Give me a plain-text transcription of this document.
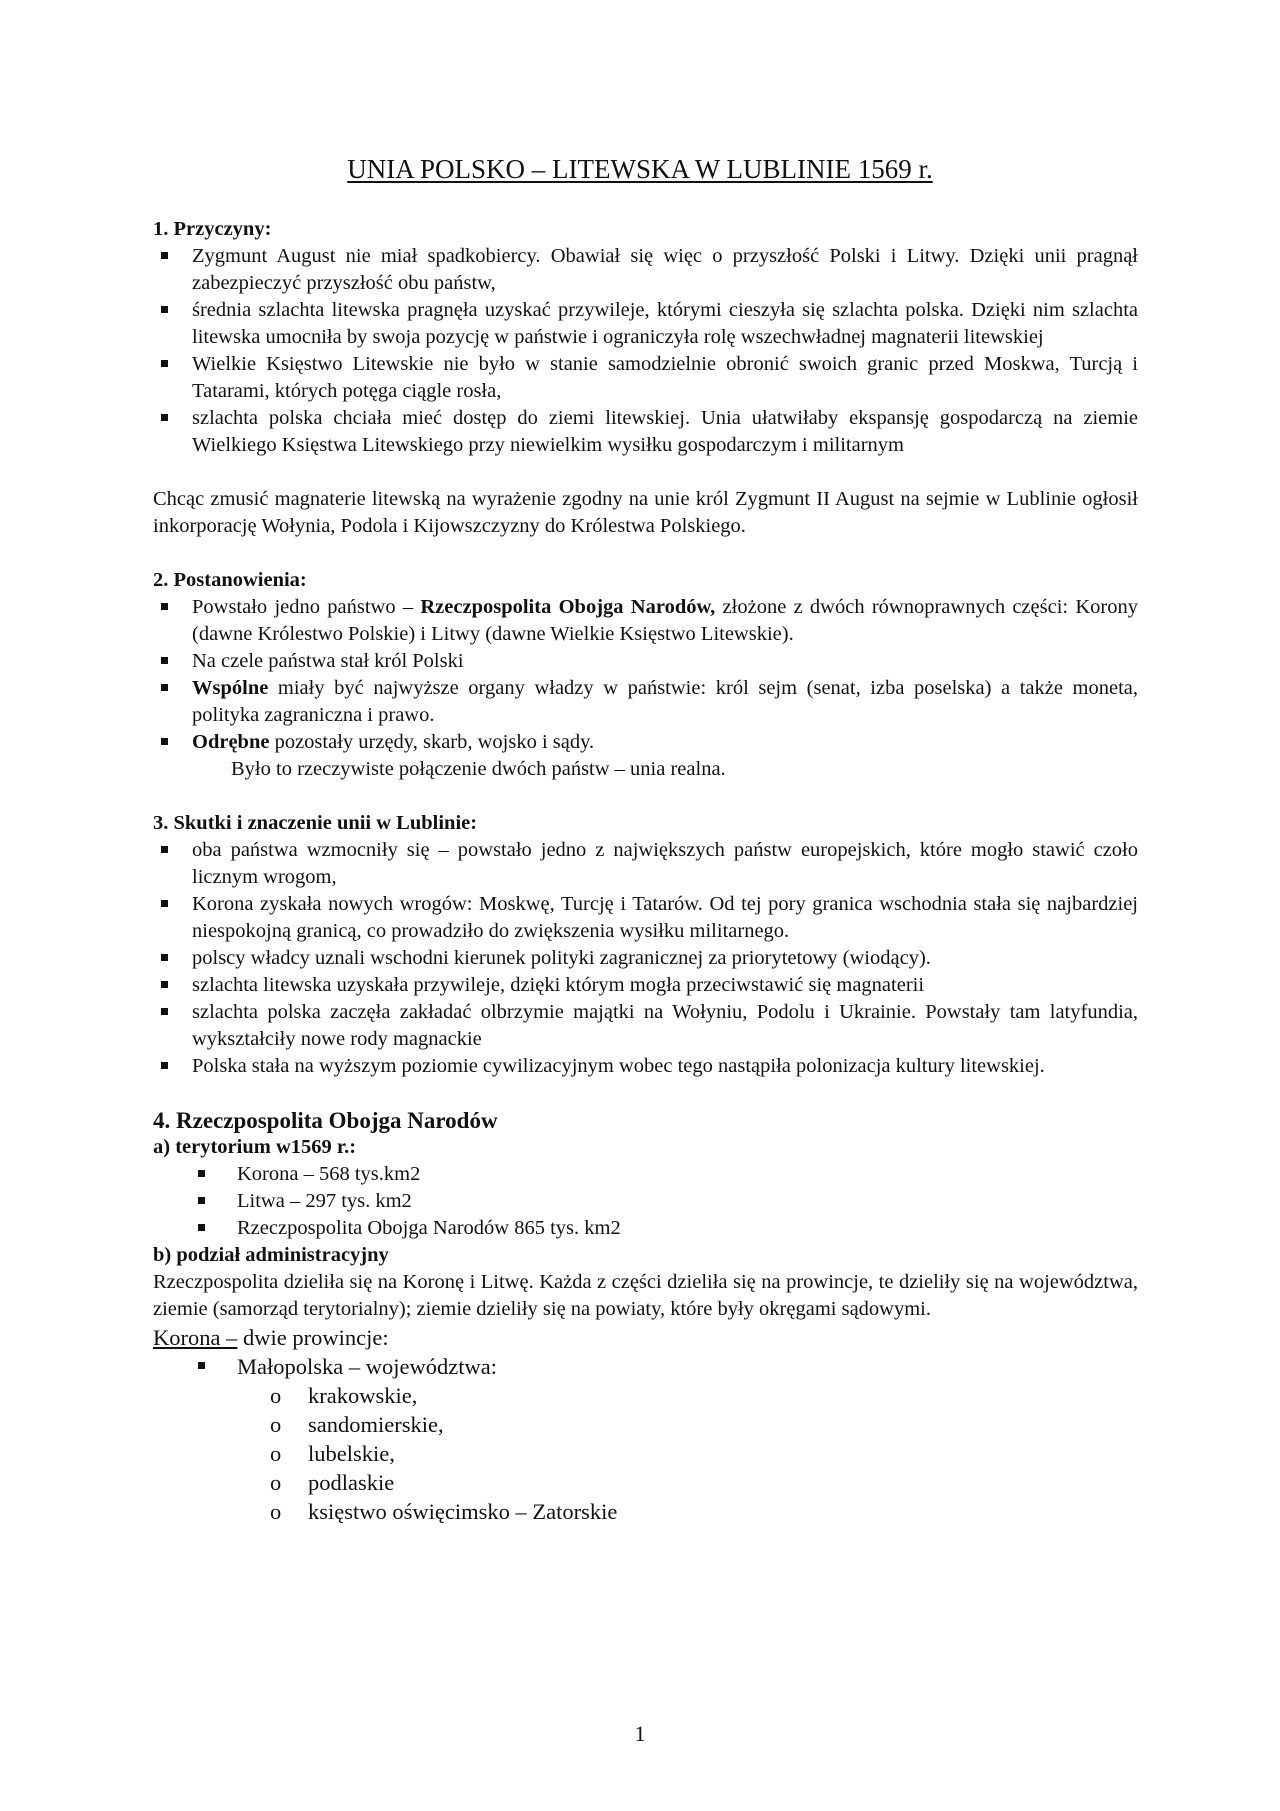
UNIA POLSKO – LITEWSKA W LUBLINIE 1569 r.

1. Przyczyny:

Zygmunt August nie miał spadkobiercy. Obawiał się więc o przyszłość Polski i Litwy. Dzięki unii pragnął zabezpieczyć przyszłość obu państw,
średnia szlachta litewska pragnęła uzyskać przywileje, którymi cieszyła się szlachta polska. Dzięki nim szlachta litewska umocniła by swoja pozycję w państwie i ograniczyła rolę wszechwładnej magnaterii litewskiej
Wielkie Księstwo Litewskie nie było w stanie samodzielnie obronić swoich granic przed Moskwa, Turcją i Tatarami, których potęga ciągle rosła,
szlachta polska chciała mieć dostęp do ziemi litewskiej. Unia ułatwiłaby ekspansję gospodarczą na ziemie Wielkiego Księstwa Litewskiego przy niewielkim wysiłku gospodarczym i militarnym

Chcąc zmusić magnaterie litewską na wyrażenie zgodny na unie król Zygmunt II August na sejmie w Lublinie ogłosił inkorporację Wołynia, Podola i Kijowszczyzny do Królestwa Polskiego.

2. Postanowienia:

Powstało jedno państwo – Rzeczpospolita Obojga Narodów, złożone z dwóch równoprawnych części: Korony (dawne Królestwo Polskie) i Litwy (dawne Wielkie Księstwo Litewskie).
Na czele państwa stał król Polski
Wspólne miały być najwyższe organy władzy w państwie: król sejm (senat, izba poselska) a także moneta, polityka zagraniczna i prawo.
Odrębne pozostały urzędy, skarb, wojsko i sądy.

Było to rzeczywiste połączenie dwóch państw – unia realna.

3. Skutki i znaczenie unii w Lublinie:

oba państwa wzmocniły się – powstało jedno z największych państw europejskich, które mogło stawić czoło licznym wrogom,
Korona zyskała nowych wrogów: Moskwę, Turcję i Tatarów. Od tej pory granica wschodnia stała się najbardziej niespokojną granicą, co prowadziło do zwiększenia wysiłku militarnego.
polscy władcy uznali wschodni kierunek polityki zagranicznej za priorytetowy (wiodący).
szlachta litewska uzyskała przywileje, dzięki którym mogła przeciwstawić się magnaterii
szlachta polska zaczęła zakładać olbrzymie majątki na Wołyniu, Podolu i Ukrainie. Powstały tam latyfundia, wykształciły nowe rody magnackie
Polska stała na wyższym poziomie cywilizacyjnym wobec tego nastąpiła polonizacja kultury litewskiej.

4. Rzeczpospolita Obojga Narodów

a) terytorium w1569 r.:

Korona – 568 tys.km2
Litwa – 297 tys. km2
Rzeczpospolita Obojga Narodów 865 tys. km2

b) podział administracyjny

Rzeczpospolita dzieliła się na Koronę i Litwę. Każda z części dzieliła się na prowincje, te dzieliły się na województwa, ziemie (samorząd terytorialny); ziemie dzieliły się na powiaty, które były okręgami sądowymi.

Korona – dwie prowincje:

Małopolska – województwa:
o krakowskie,
o sandomierskie,
o lubelskie,
o podlaskie
o księstwo oświęcimsko – Zatorskie
1
